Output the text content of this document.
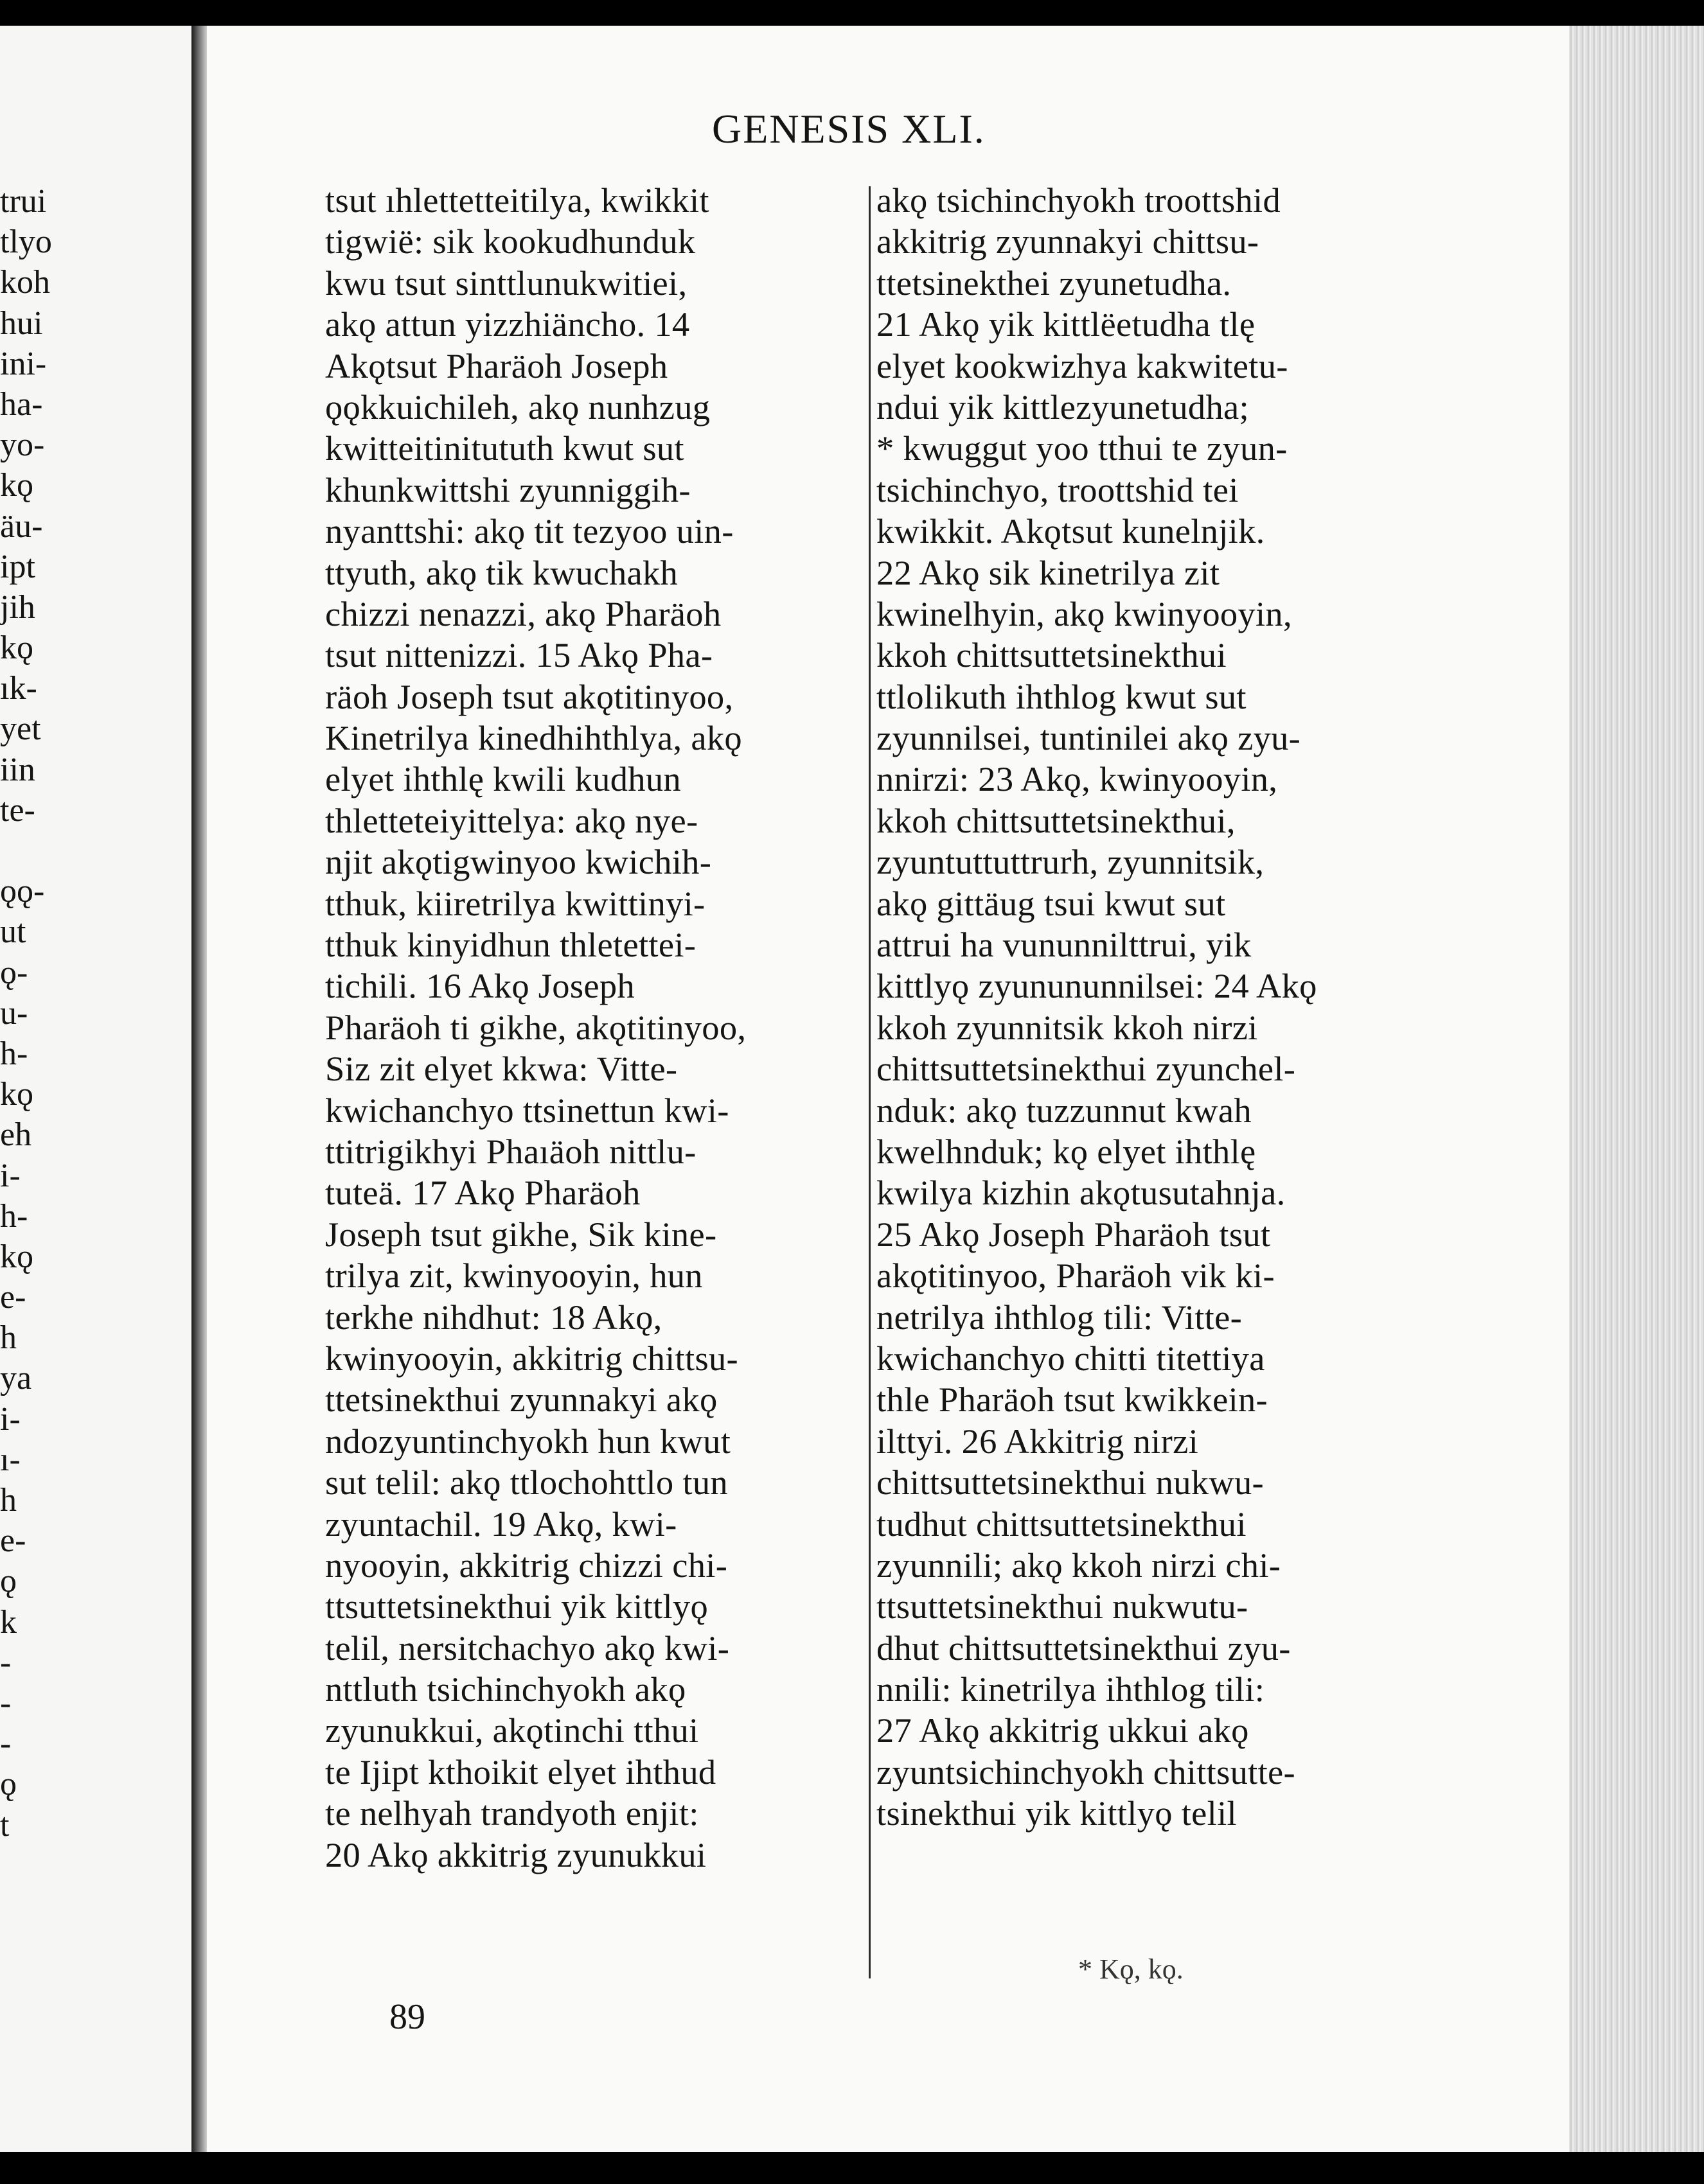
trui
tlyo
koh
hui
ini-
ha-
yo-
kǫ
äu-
ipt
jih
kǫ
ık-
yet
iin
te-
ǫǫ-
ut
ǫ-
u-
h-
kǫ
eh
i-
h-
kǫ
e-
h
ya
i-
ı-
h
e-
ǫ
k
-
-
-
ǫ
t
GENESIS XLI.
tsut ıhlettetteitilya, kwikkit
tigwië: sik kookudhunduk
kwu tsut sinttlunukwitiei,
akǫ attun yizzhiäncho. 14
Akǫtsut Pharäoh Joseph
ǫǫkkuichileh, akǫ nunhzug
kwitteitinitututh kwut sut
khunkwittshi zyunniggih-
nyanttshi: akǫ tit tezyoo uin-
ttyuth, akǫ tik kwuchakh
chizzi nenazzi, akǫ Pharäoh
tsut nittenizzi. 15 Akǫ Pha-
räoh Joseph tsut akǫtitinyoo,
Kinetrilya kinedhihthlya, akǫ
elyet ihthlę kwili kudhun
thletteteiyittelya: akǫ nye-
njit akǫtigwinyoo kwichih-
tthuk, kiiretrilya kwittinyi-
tthuk kinyidhun thletettei-
tichili. 16 Akǫ Joseph
Pharäoh ti gikhe, akǫtitinyoo,
Siz zit elyet kkwa: Vitte-
kwichanchyo ttsinettun kwi-
ttitrigikhyi Phaıäoh nittlu-
tuteä. 17 Akǫ Pharäoh
Joseph tsut gikhe, Sik kine-
trilya zit, kwinyooyin, hun
terkhe nihdhut: 18 Akǫ,
kwinyooyin, akkitrig chittsu-
ttetsinekthui zyunnakyi akǫ
ndozyuntinchyokh hun kwut
sut telil: akǫ ttlochohttlo tun
zyuntachil. 19 Akǫ, kwi-
nyooyin, akkitrig chizzi chi-
ttsuttetsinekthui yik kittlyǫ
telil, nersitchachyo akǫ kwi-
nttluth tsichinchyokh akǫ
zyunukkui, akǫtinchi tthui
te Ijipt kthoikit elyet ihthud
te nelhyah trandyoth enjit:
20 Akǫ akkitrig zyunukkui
akǫ tsichinchyokh troottshid
akkitrig zyunnakyi chittsu-
ttetsinekthei zyunetudha.
21 Akǫ yik kittlëetudha tlę
elyet kookwizhya kakwitetu-
ndui yik kittlezyunetudha;
* kwuggut yoo tthui te zyun-
tsichinchyo, troottshid tei
kwikkit. Akǫtsut kunelnjik.
22 Akǫ sik kinetrilya zit
kwinelhyin, akǫ kwinyooyin,
kkoh chittsuttetsinekthui
ttlolikuth ihthlog kwut sut
zyunnilsei, tuntinilei akǫ zyu-
nnirzi: 23 Akǫ, kwinyooyin,
kkoh chittsuttetsinekthui,
zyuntuttuttrurh, zyunnitsik,
akǫ gittäug tsui kwut sut
attrui ha vununnilttrui, yik
kittlyǫ zyunununnilsei: 24 Akǫ
kkoh zyunnitsik kkoh nirzi
chittsuttetsinekthui zyunchel-
nduk: akǫ tuzzunnut kwah
kwelhnduk; kǫ elyet ihthlę
kwilya kizhin akǫtusutahnja.
25 Akǫ Joseph Pharäoh tsut
akǫtitinyoo, Pharäoh vik ki-
netrilya ihthlog tili: Vitte-
kwichanchyo chitti titettiya
thle Pharäoh tsut kwikkein-
ilttyi. 26 Akkitrig nirzi
chittsuttetsinekthui nukwu-
tudhut chittsuttetsinekthui
zyunnili; akǫ kkoh nirzi chi-
ttsuttetsinekthui nukwutu-
dhut chittsuttetsinekthui zyu-
nnili: kinetrilya ihthlog tili:
27 Akǫ akkitrig ukkui akǫ
zyuntsichinchyokh chittsutte-
tsinekthui yik kittlyǫ telil
* Kǫ, kǫ.
89
